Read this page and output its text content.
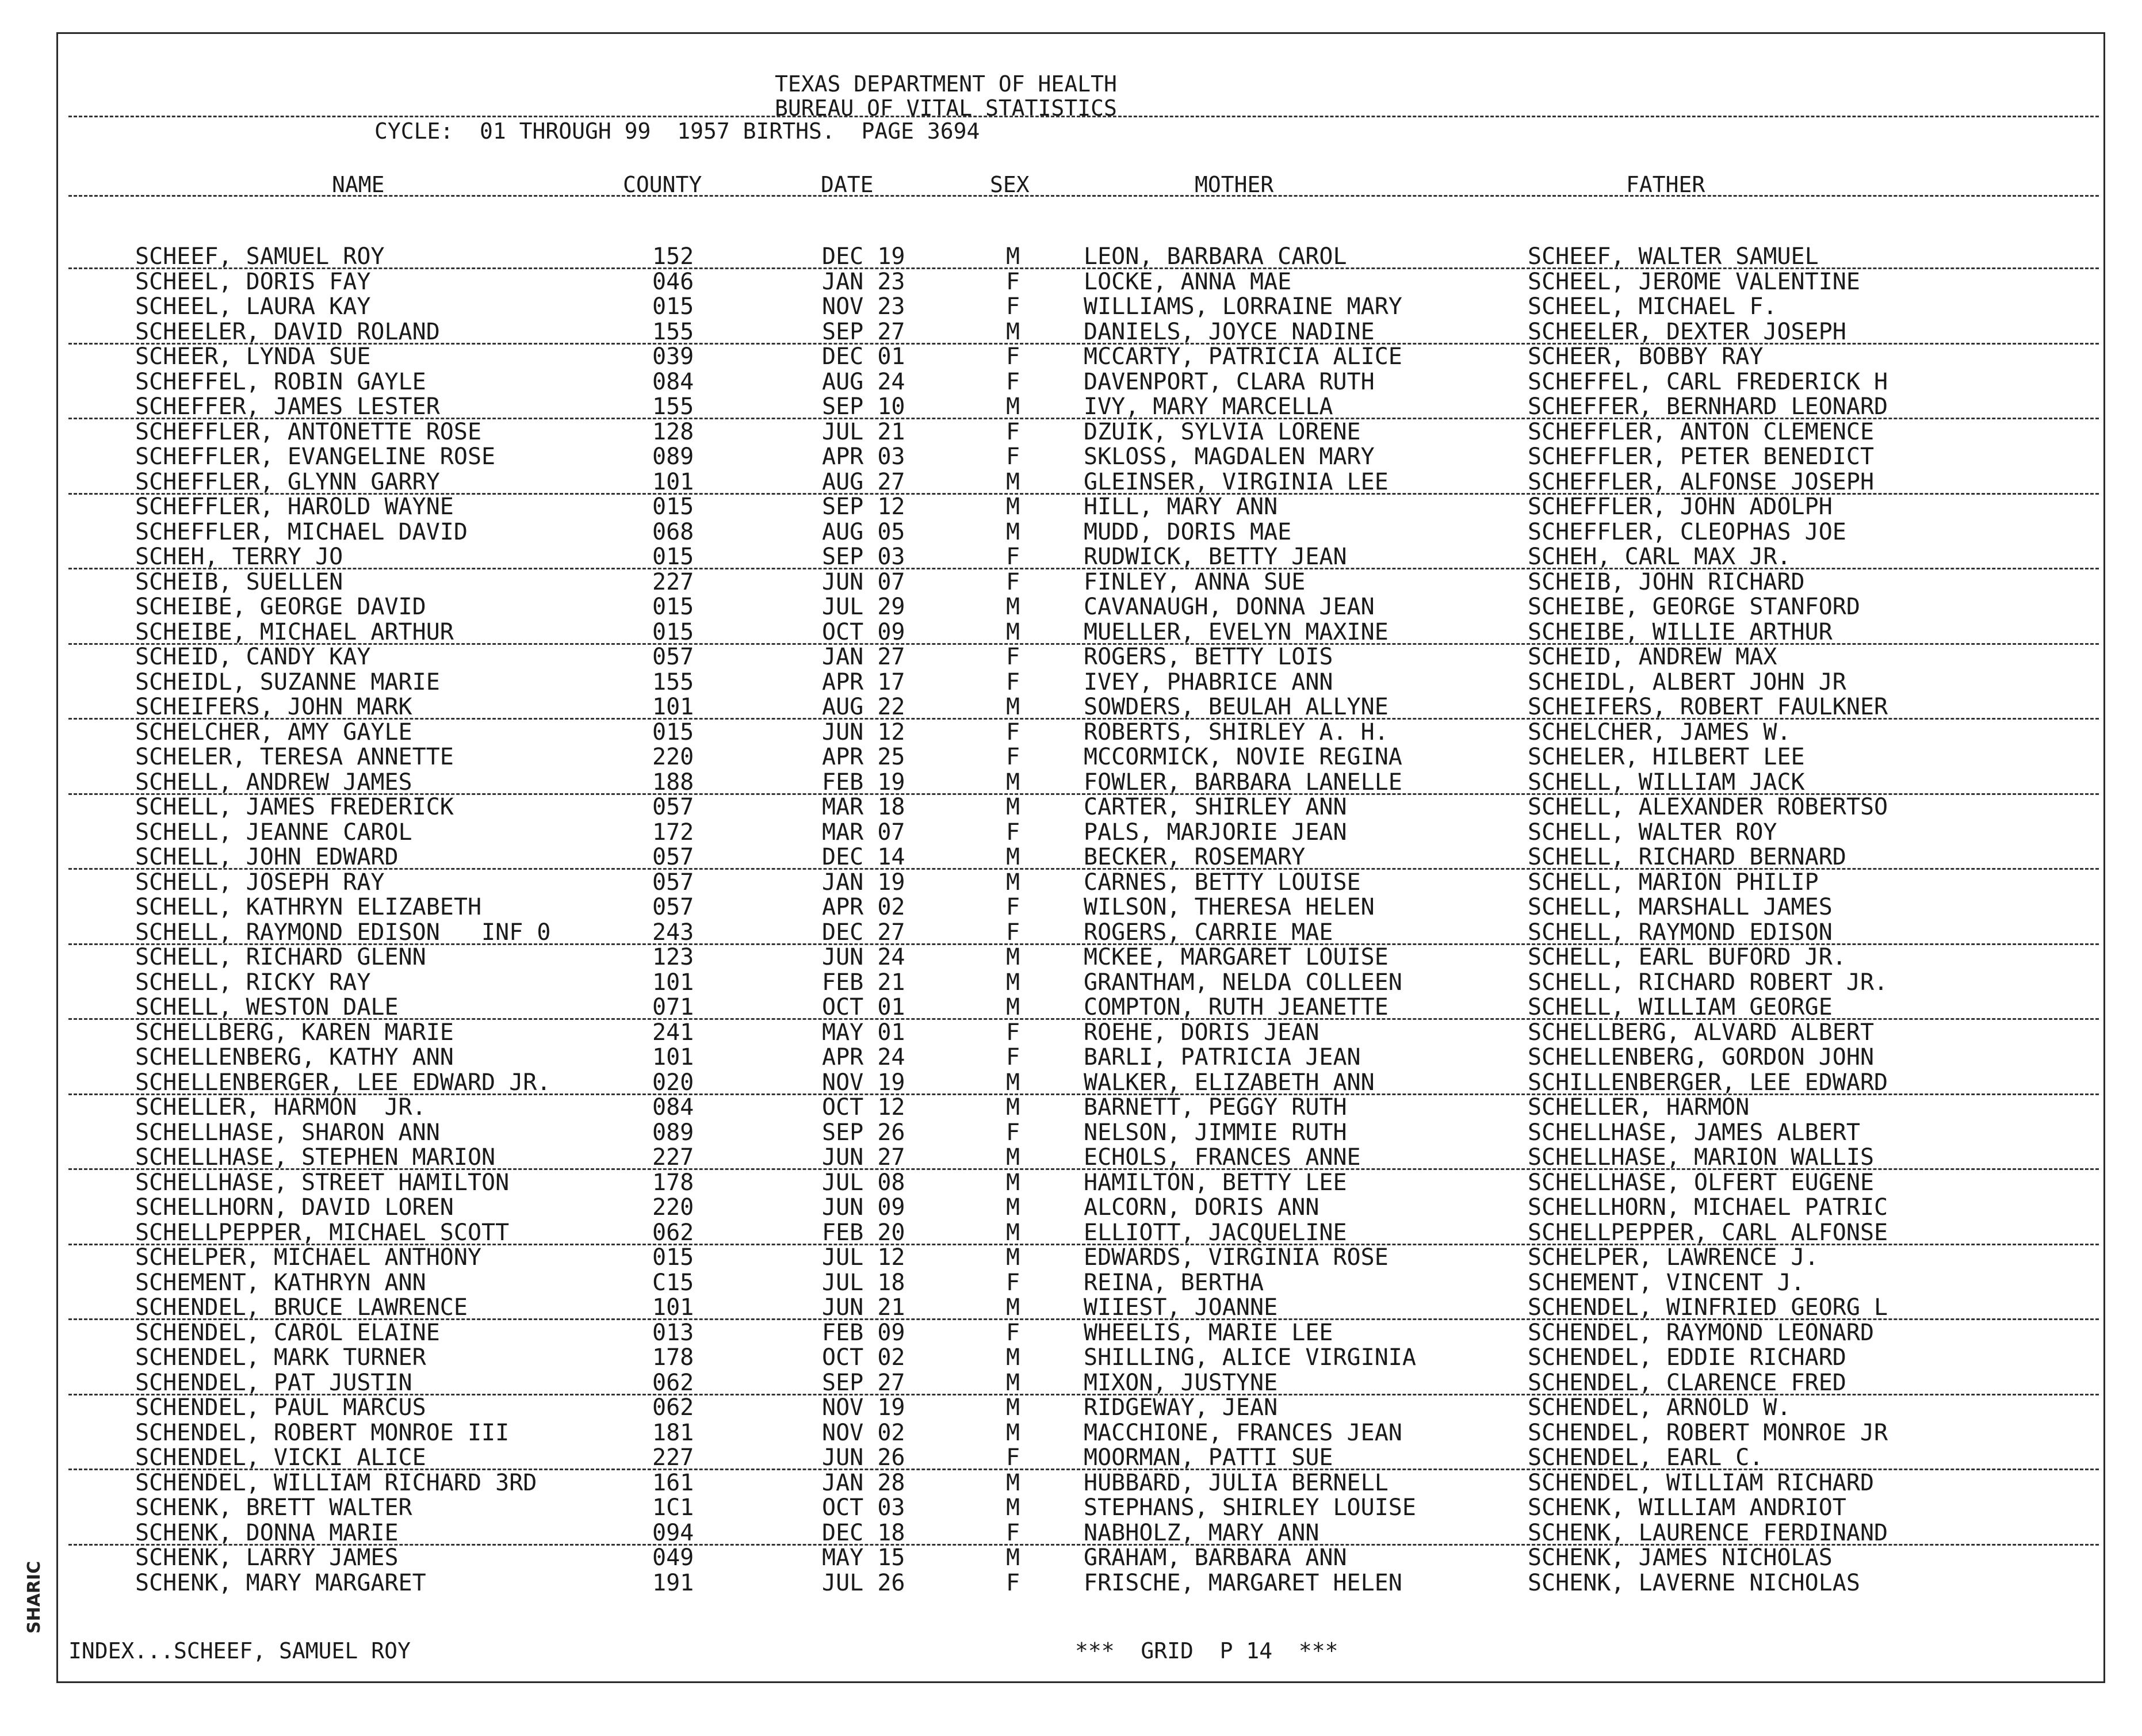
SHARIC
TEXAS DEPARTMENT OF HEALTH
BUREAU OF VITAL STATISTICS
CYCLE:  01 THROUGH 99  1957 BIRTHS.  PAGE 3694
NAME	COUNTY	DATE	SEX	MOTHER	FATHER
SCHEEF, SAMUEL ROY	152	DEC 19	M	LEON, BARBARA CAROL	SCHEEF, WALTER SAMUEL
SCHEEL, DORIS FAY	046	JAN 23	F	LOCKE, ANNA MAE	SCHEEL, JEROME VALENTINE
SCHEEL, LAURA KAY	015	NOV 23	F	WILLIAMS, LORRAINE MARY	SCHEEL, MICHAEL F.
SCHEELER, DAVID ROLAND	155	SEP 27	M	DANIELS, JOYCE NADINE	SCHEELER, DEXTER JOSEPH
SCHEER, LYNDA SUE	039	DEC 01	F	MCCARTY, PATRICIA ALICE	SCHEER, BOBBY RAY
SCHEFFEL, ROBIN GAYLE	084	AUG 24	F	DAVENPORT, CLARA RUTH	SCHEFFEL, CARL FREDERICK H
SCHEFFER, JAMES LESTER	155	SEP 10	M	IVY, MARY MARCELLA	SCHEFFER, BERNHARD LEONARD
SCHEFFLER, ANTONETTE ROSE	128	JUL 21	F	DZUIK, SYLVIA LORENE	SCHEFFLER, ANTON CLEMENCE
SCHEFFLER, EVANGELINE ROSE	089	APR 03	F	SKLOSS, MAGDALEN MARY	SCHEFFLER, PETER BENEDICT
SCHEFFLER, GLYNN GARRY	101	AUG 27	M	GLEINSER, VIRGINIA LEE	SCHEFFLER, ALFONSE JOSEPH
SCHEFFLER, HAROLD WAYNE	015	SEP 12	M	HILL, MARY ANN	SCHEFFLER, JOHN ADOLPH
SCHEFFLER, MICHAEL DAVID	068	AUG 05	M	MUDD, DORIS MAE	SCHEFFLER, CLEOPHAS JOE
SCHEH, TERRY JO	015	SEP 03	F	RUDWICK, BETTY JEAN	SCHEH, CARL MAX JR.
SCHEIB, SUELLEN	227	JUN 07	F	FINLEY, ANNA SUE	SCHEIB, JOHN RICHARD
SCHEIBE, GEORGE DAVID	015	JUL 29	M	CAVANAUGH, DONNA JEAN	SCHEIBE, GEORGE STANFORD
SCHEIBE, MICHAEL ARTHUR	015	OCT 09	M	MUELLER, EVELYN MAXINE	SCHEIBE, WILLIE ARTHUR
SCHEID, CANDY KAY	057	JAN 27	F	ROGERS, BETTY LOIS	SCHEID, ANDREW MAX
SCHEIDL, SUZANNE MARIE	155	APR 17	F	IVEY, PHABRICE ANN	SCHEIDL, ALBERT JOHN JR
SCHEIFERS, JOHN MARK	101	AUG 22	M	SOWDERS, BEULAH ALLYNE	SCHEIFERS, ROBERT FAULKNER
SCHELCHER, AMY GAYLE	015	JUN 12	F	ROBERTS, SHIRLEY A. H.	SCHELCHER, JAMES W.
SCHELER, TERESA ANNETTE	220	APR 25	F	MCCORMICK, NOVIE REGINA	SCHELER, HILBERT LEE
SCHELL, ANDREW JAMES	188	FEB 19	M	FOWLER, BARBARA LANELLE	SCHELL, WILLIAM JACK
SCHELL, JAMES FREDERICK	057	MAR 18	M	CARTER, SHIRLEY ANN	SCHELL, ALEXANDER ROBERTSO
SCHELL, JEANNE CAROL	172	MAR 07	F	PALS, MARJORIE JEAN	SCHELL, WALTER ROY
SCHELL, JOHN EDWARD	057	DEC 14	M	BECKER, ROSEMARY	SCHELL, RICHARD BERNARD
SCHELL, JOSEPH RAY	057	JAN 19	M	CARNES, BETTY LOUISE	SCHELL, MARION PHILIP
SCHELL, KATHRYN ELIZABETH	057	APR 02	F	WILSON, THERESA HELEN	SCHELL, MARSHALL JAMES
SCHELL, RAYMOND EDISON   INF 0	243	DEC 27	F	ROGERS, CARRIE MAE	SCHELL, RAYMOND EDISON
SCHELL, RICHARD GLENN	123	JUN 24	M	MCKEE, MARGARET LOUISE	SCHELL, EARL BUFORD JR.
SCHELL, RICKY RAY	101	FEB 21	M	GRANTHAM, NELDA COLLEEN	SCHELL, RICHARD ROBERT JR.
SCHELL, WESTON DALE	071	OCT 01	M	COMPTON, RUTH JEANETTE	SCHELL, WILLIAM GEORGE
SCHELLBERG, KAREN MARIE	241	MAY 01	F	ROEHE, DORIS JEAN	SCHELLBERG, ALVARD ALBERT
SCHELLENBERG, KATHY ANN	101	APR 24	F	BARLI, PATRICIA JEAN	SCHELLENBERG, GORDON JOHN
SCHELLENBERGER, LEE EDWARD JR.	020	NOV 19	M	WALKER, ELIZABETH ANN	SCHILLENBERGER, LEE EDWARD
SCHELLER, HARMON  JR.	084	OCT 12	M	BARNETT, PEGGY RUTH	SCHELLER, HARMON
SCHELLHASE, SHARON ANN	089	SEP 26	F	NELSON, JIMMIE RUTH	SCHELLHASE, JAMES ALBERT
SCHELLHASE, STEPHEN MARION	227	JUN 27	M	ECHOLS, FRANCES ANNE	SCHELLHASE, MARION WALLIS
SCHELLHASE, STREET HAMILTON	178	JUL 08	M	HAMILTON, BETTY LEE	SCHELLHASE, OLFERT EUGENE
SCHELLHORN, DAVID LOREN	220	JUN 09	M	ALCORN, DORIS ANN	SCHELLHORN, MICHAEL PATRIC
SCHELLPEPPER, MICHAEL SCOTT	062	FEB 20	M	ELLIOTT, JACQUELINE	SCHELLPEPPER, CARL ALFONSE
SCHELPER, MICHAEL ANTHONY	015	JUL 12	M	EDWARDS, VIRGINIA ROSE	SCHELPER, LAWRENCE J.
SCHEMENT, KATHRYN ANN	C15	JUL 18	F	REINA, BERTHA	SCHEMENT, VINCENT J.
SCHENDEL, BRUCE LAWRENCE	101	JUN 21	M	WIIEST, JOANNE	SCHENDEL, WINFRIED GEORG L
SCHENDEL, CAROL ELAINE	013	FEB 09	F	WHEELIS, MARIE LEE	SCHENDEL, RAYMOND LEONARD
SCHENDEL, MARK TURNER	178	OCT 02	M	SHILLING, ALICE VIRGINIA	SCHENDEL, EDDIE RICHARD
SCHENDEL, PAT JUSTIN	062	SEP 27	M	MIXON, JUSTYNE	SCHENDEL, CLARENCE FRED
SCHENDEL, PAUL MARCUS	062	NOV 19	M	RIDGEWAY, JEAN	SCHENDEL, ARNOLD W.
SCHENDEL, ROBERT MONROE III	181	NOV 02	M	MACCHIONE, FRANCES JEAN	SCHENDEL, ROBERT MONROE JR
SCHENDEL, VICKI ALICE	227	JUN 26	F	MOORMAN, PATTI SUE	SCHENDEL, EARL C.
SCHENDEL, WILLIAM RICHARD 3RD	161	JAN 28	M	HUBBARD, JULIA BERNELL	SCHENDEL, WILLIAM RICHARD
SCHENK, BRETT WALTER	1C1	OCT 03	M	STEPHANS, SHIRLEY LOUISE	SCHENK, WILLIAM ANDRIOT
SCHENK, DONNA MARIE	094	DEC 18	F	NABHOLZ, MARY ANN	SCHENK, LAURENCE FERDINAND
SCHENK, LARRY JAMES	049	MAY 15	M	GRAHAM, BARBARA ANN	SCHENK, JAMES NICHOLAS
SCHENK, MARY MARGARET	191	JUL 26	F	FRISCHE, MARGARET HELEN	SCHENK, LAVERNE NICHOLAS
INDEX...SCHEEF, SAMUEL ROY	***  GRID  P 14  ***
